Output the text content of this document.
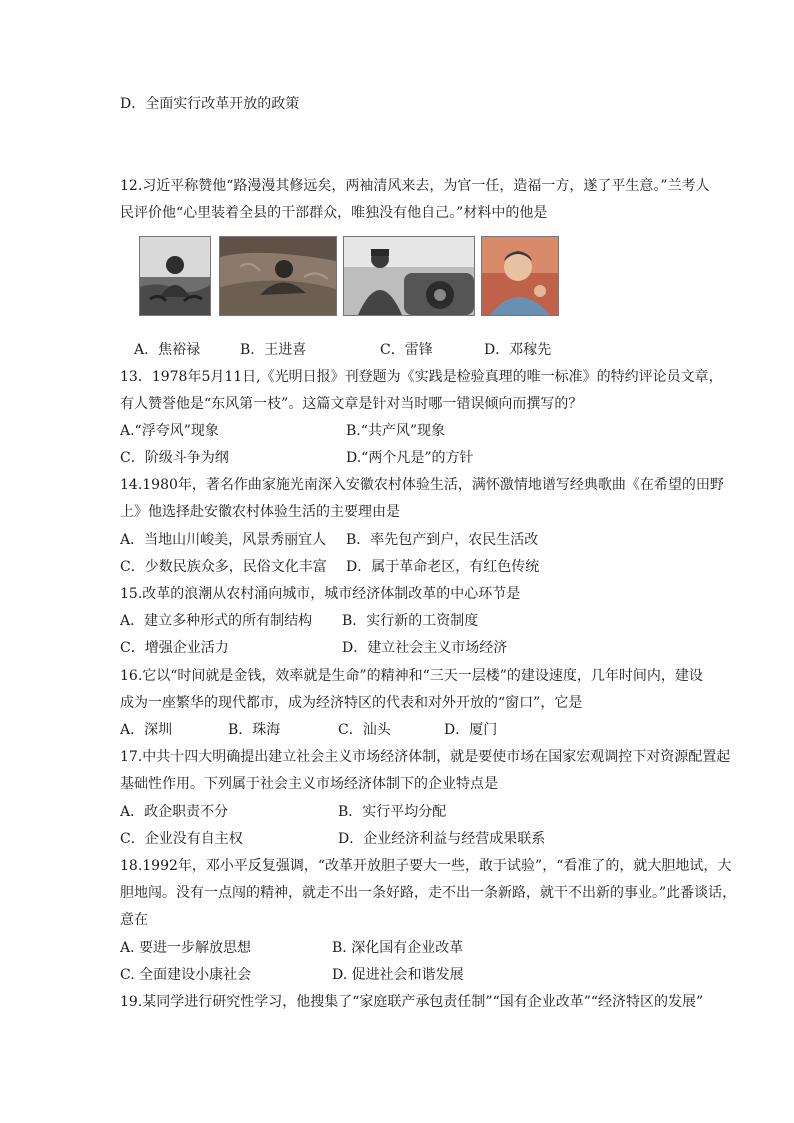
D．全面实行改革开放的政策
12.习近平称赞他“路漫漫其修远矣，两袖清风来去，为官一任，造福一方，遂了平生意。”兰考人
民评价他“心里装着全县的干部群众，唯独没有他自己。”材料中的他是
A．焦裕禄	B．王进喜	C．雷锋	D．邓稼先
13．1978年5月11日,《光明日报》刊登题为《实践是检验真理的唯一标准》的特约评论员文章，
有人赞誉他是“东风第一枝”。这篇文章是针对当时哪一错误倾向而撰写的？
A.“浮夸风”现象	B.“共产风”现象
C．阶级斗争为纲	D.“两个凡是”的方针
14.1980年，著名作曲家施光南深入安徽农村体验生活，满怀激情地谱写经典歌曲《在希望的田野
上》他选择赴安徽农村体验生活的主要理由是
A．当地山川峻美，风景秀丽宜人 B．率先包产到户，农民生活改
C．少数民族众多，民俗文化丰富 D．属于革命老区，有红色传统
15.改革的浪潮从农村涌向城市，城市经济体制改革的中心环节是
A．建立多种形式的所有制结构 B．实行新的工资制度
C．增强企业活力	D．建立社会主义市场经济
16.它以“时间就是金钱，效率就是生命”的精神和“三天一层楼”的建设速度，几年时间内，建设
成为一座繁华的现代都市，成为经济特区的代表和对外开放的“窗口”，它是
A．深圳	B．珠海	C．汕头	D．厦门
17.中共十四大明确提出建立社会主义市场经济体制，就是要使市场在国家宏观调控下对资源配置起
基础性作用。下列属于社会主义市场经济体制下的企业特点是
A．政企职责不分	B．实行平均分配
C．企业没有自主权	D．企业经济利益与经营成果联系
18.1992年，邓小平反复强调，“改革开放胆子要大一些，敢于试验”，“看准了的，就大胆地试，大
胆地闯。没有一点闯的精神，就走不出一条好路，走不出一条新路，就干不出新的事业。”此番谈话，
意在
A. 要进一步解放思想	B. 深化国有企业改革
C. 全面建设小康社会	D. 促进社会和谐发展
19.某同学进行研究性学习，他搜集了“家庭联产承包责任制”“国有企业改革”“经济特区的发展”
